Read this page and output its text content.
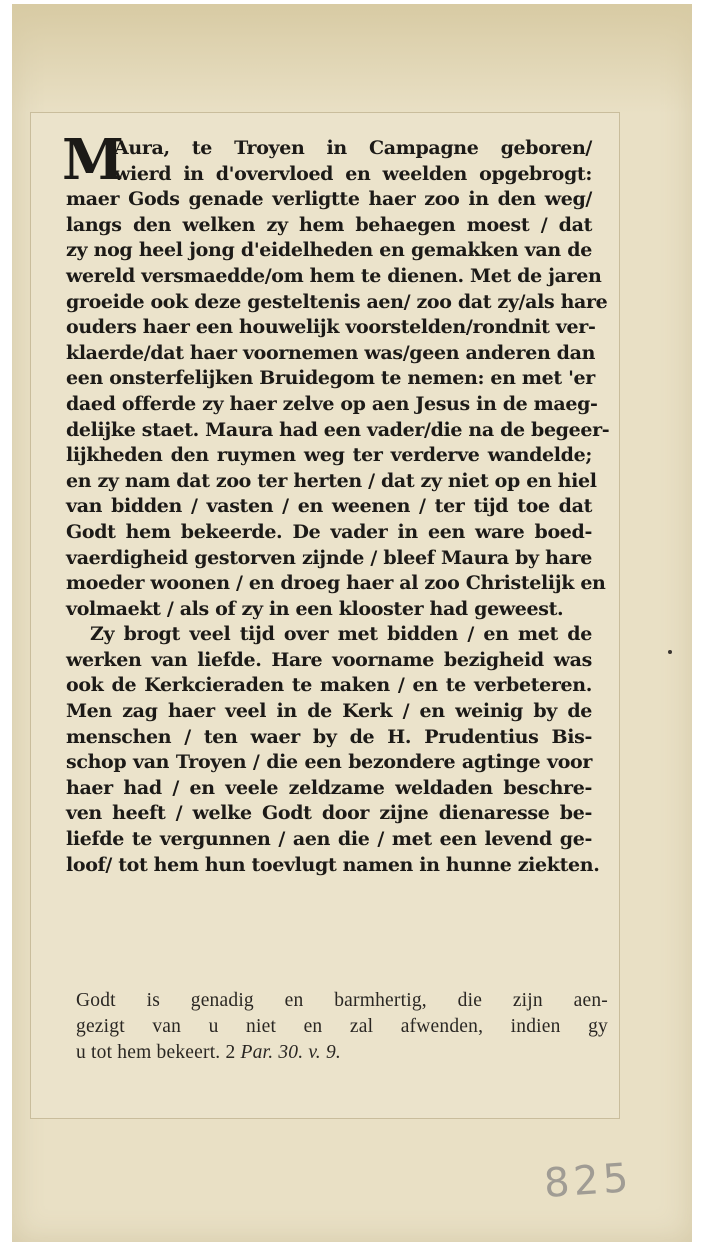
M
Aura, te Troyen in Campagne geboren/
wierd in d'overvloed en weelden opgebrogt:
maer Gods genade verligtte haer zoo in den weg/
langs den welken zy hem behaegen moest / dat
zy nog heel jong d'eidelheden en gemakken van de
wereld versmaedde/om hem te dienen. Met de jaren
groeide ook deze gesteltenis aen/ zoo dat zy/als hare
ouders haer een houwelijk voorstelden/rondnit ver-
klaerde/dat haer voornemen was/geen anderen dan
een onsterfelijken Bruidegom te nemen: en met 'er
daed offerde zy haer zelve op aen Jesus in de maeg-
delijke staet. Maura had een vader/die na de begeer-
lijkheden den ruymen weg ter verderve wandelde;
en zy nam dat zoo ter herten / dat zy niet op en hiel
van bidden / vasten / en weenen / ter tijd toe dat
Godt hem bekeerde. De vader in een ware boed-
vaerdigheid gestorven zijnde / bleef Maura by hare
moeder woonen / en droeg haer al zoo Christelijk en
volmaekt / als of zy in een klooster had geweest.
Zy brogt veel tijd over met bidden / en met de
werken van liefde. Hare voorname bezigheid was
ook de Kerkcieraden te maken / en te verbeteren.
Men zag haer veel in de Kerk / en weinig by de
menschen / ten waer by de H. Prudentius Bis-
schop van Troyen / die een bezondere agtinge voor
haer had / en veele zeldzame weldaden beschre-
ven heeft / welke Godt door zijne dienaresse be-
liefde te vergunnen / aen die / met een levend ge-
loof/ tot hem hun toevlugt namen in hunne ziekten.
Godt is genadig en barmhertig, die zijn aen-
gezigt van u niet en zal afwenden, indien gy
u tot hem bekeert. 2 Par. 30. v. 9.
825
